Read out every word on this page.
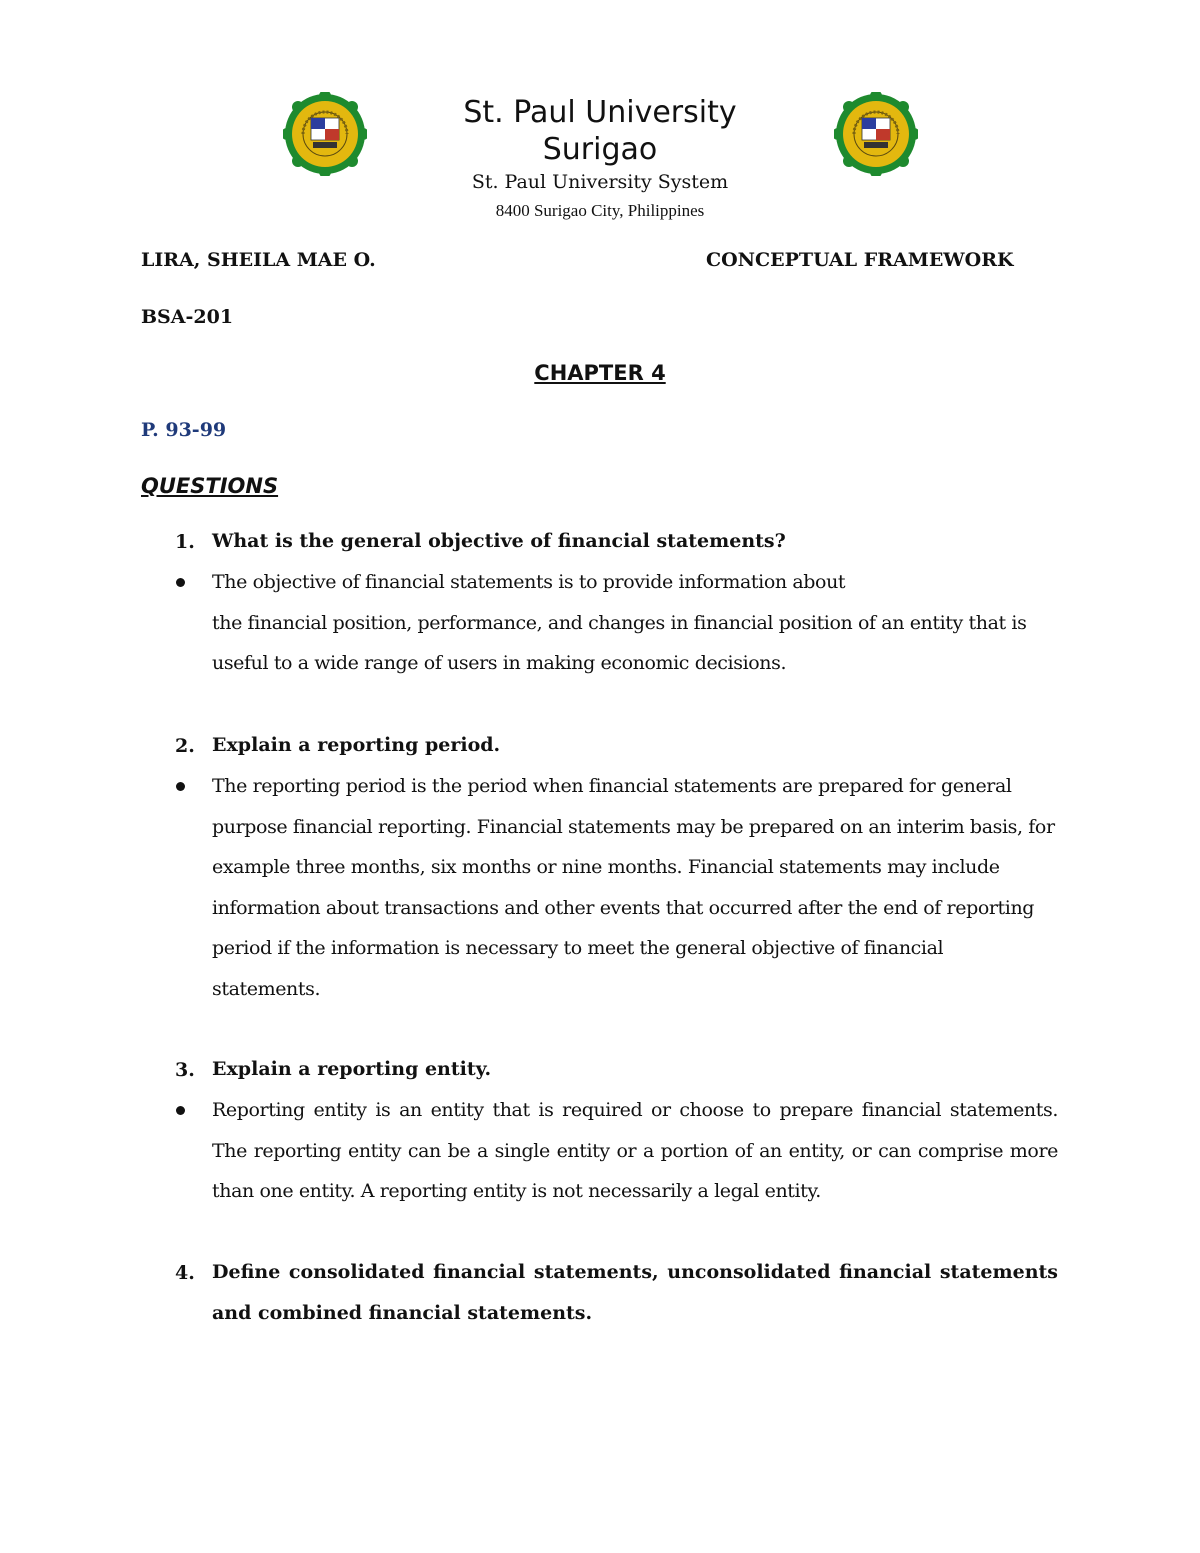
St. Paul University
Surigao
St. Paul University System
8400 Surigao City, Philippines
LIRA, SHEILA MAE O.	CONCEPTUAL FRAMEWORK
BSA-201
CHAPTER 4
P. 93-99
QUESTIONS
1. What is the general objective of financial statements?
The objective of financial statements is to provide information about
the financial position, performance, and changes in financial position of an entity that is
useful to a wide range of users in making economic decisions.
2. Explain a reporting period.
The reporting period is the period when financial statements are prepared for general
purpose financial reporting. Financial statements may be prepared on an interim basis, for
example three months, six months or nine months. Financial statements may include
information about transactions and other events that occurred after the end of reporting
period if the information is necessary to meet the general objective of financial
statements.
3. Explain a reporting entity.
Reporting entity is an entity that is required or choose to prepare financial statements. The reporting entity can be a single entity or a portion of an entity, or can comprise more than one entity. A reporting entity is not necessarily a legal entity.
4. Define consolidated financial statements, unconsolidated financial statements and combined financial statements.
